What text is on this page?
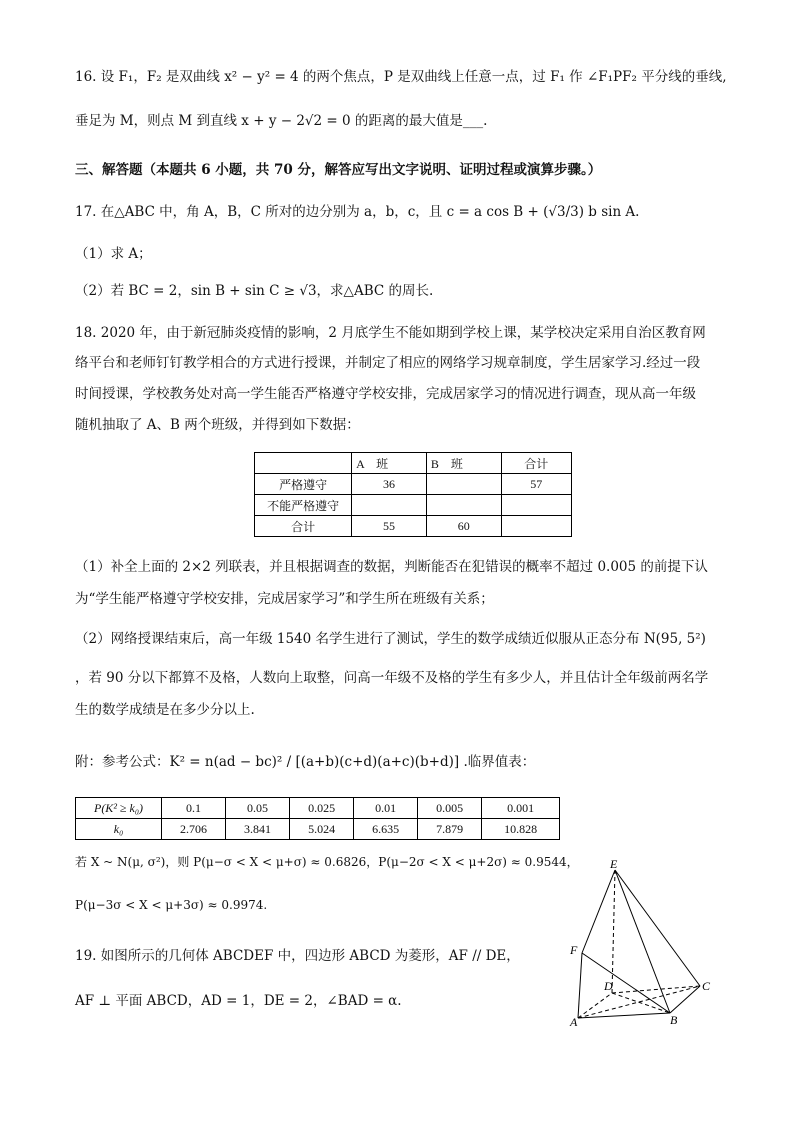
16. 设 F₁，F₂ 是双曲线 x² − y² = 4 的两个焦点，P 是双曲线上任意一点，过 F₁ 作 ∠F₁PF₂ 平分线的垂线,
垂足为 M，则点 M 到直线 x + y − 2√2 = 0 的距离的最大值是___.
三、解答题（本题共 6 小题，共 70 分，解答应写出文字说明、证明过程或演算步骤。）
17. 在△ABC 中，角 A，B，C 所对的边分别为 a，b，c，且 c = a cos B + (√3/3) b sin A.
（1）求 A；
（2）若 BC = 2，sin B + sin C ≥ √3，求△ABC 的周长.
18. 2020 年，由于新冠肺炎疫情的影响，2 月底学生不能如期到学校上课，某学校决定采用自治区教育网
络平台和老师钉钉教学相合的方式进行授课，并制定了相应的网络学习规章制度，学生居家学习.经过一段
时间授课，学校教务处对高一学生能否严格遵守学校安排，完成居家学习的情况进行调查，现从高一年级
随机抽取了 A、B 两个班级，并得到如下数据：
	A　班	B　班	合计
严格遵守	36		57
不能严格遵守			
合计	55	60	
（1）补全上面的 2×2 列联表，并且根据调查的数据，判断能否在犯错误的概率不超过 0.005 的前提下认
为“学生能严格遵守学校安排，完成居家学习”和学生所在班级有关系；
（2）网络授课结束后，高一年级 1540 名学生进行了测试，学生的数学成绩近似服从正态分布 N(95, 5²)
，若 90 分以下都算不及格，人数向上取整，问高一年级不及格的学生有多少人，并且估计全年级前两名学
生的数学成绩是在多少分以上.
附：参考公式：K² = n(ad − bc)² / [(a+b)(c+d)(a+c)(b+d)] .临界值表：
P(K² ≥ k₀)	0.1	0.05	0.025	0.01	0.005	0.001
k₀	2.706	3.841	5.024	6.635	7.879	10.828
若 X ~ N(μ, σ²)，则 P(μ−σ < X < μ+σ) ≈ 0.6826，P(μ−2σ < X < μ+2σ) ≈ 0.9544，
P(μ−3σ < X < μ+3σ) ≈ 0.9974.
19. 如图所示的几何体 ABCDEF 中，四边形 ABCD 为菱形，AF // DE，
AF ⊥ 平面 ABCD，AD = 1，DE = 2，∠BAD = α.
E
F
D	C
A	B
